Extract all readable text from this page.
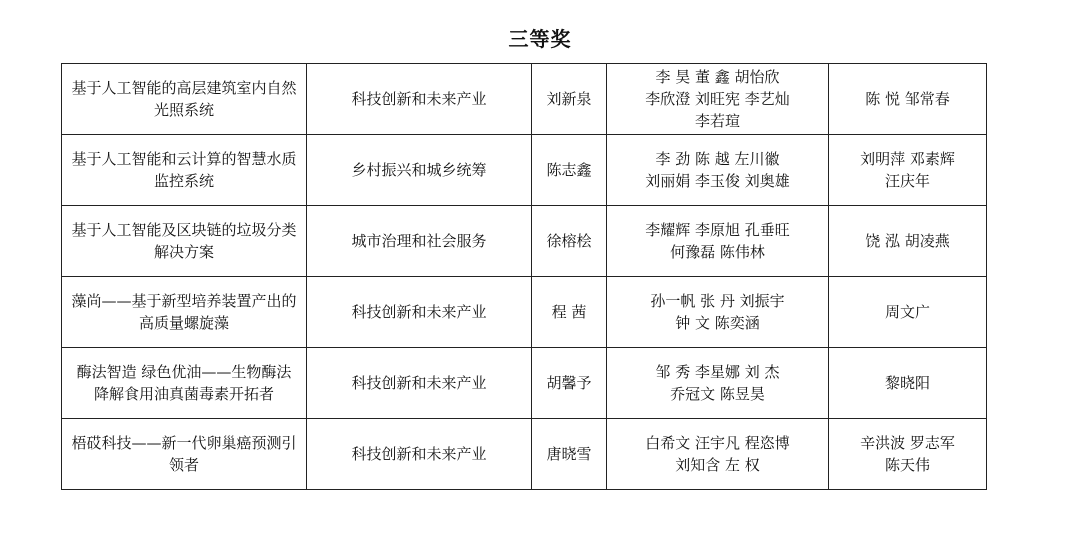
三等奖
基于人工智能的高层建筑室内自然光照系统	科技创新和未来产业	刘新泉	李 昊 董 鑫 胡怡欣
李欣澄 刘旺宪 李艺灿
李若瑄	陈 悦 邹常春

基于人工智能和云计算的智慧水质监控系统	乡村振兴和城乡统筹	陈志鑫	李 劲 陈 越 左川徽
刘丽娟 李玉俊 刘奥雄	刘明萍 邓素辉
汪庆年

基于人工智能及区块链的垃圾分类解决方案	城市治理和社会服务	徐榕桧	李耀辉 李原旭 孔垂旺
何豫磊 陈伟林	饶 泓 胡凌燕

藻尚——基于新型培养装置产出的高质量螺旋藻	科技创新和未来产业	程 茜	孙一帆 张 丹 刘振宇
钟 文 陈奕涵	周文广

酶法智造 绿色优油——生物酶法降解食用油真菌毒素开拓者	科技创新和未来产业	胡馨予	邹 秀 李星娜 刘 杰
乔冠文 陈昱昊	黎晓阳

梧砹科技——新一代卵巢癌预测引领者	科技创新和未来产业	唐晓雪	白希文 汪宇凡 程恣博
刘知含 左 权	辛洪波 罗志军
陈天伟
